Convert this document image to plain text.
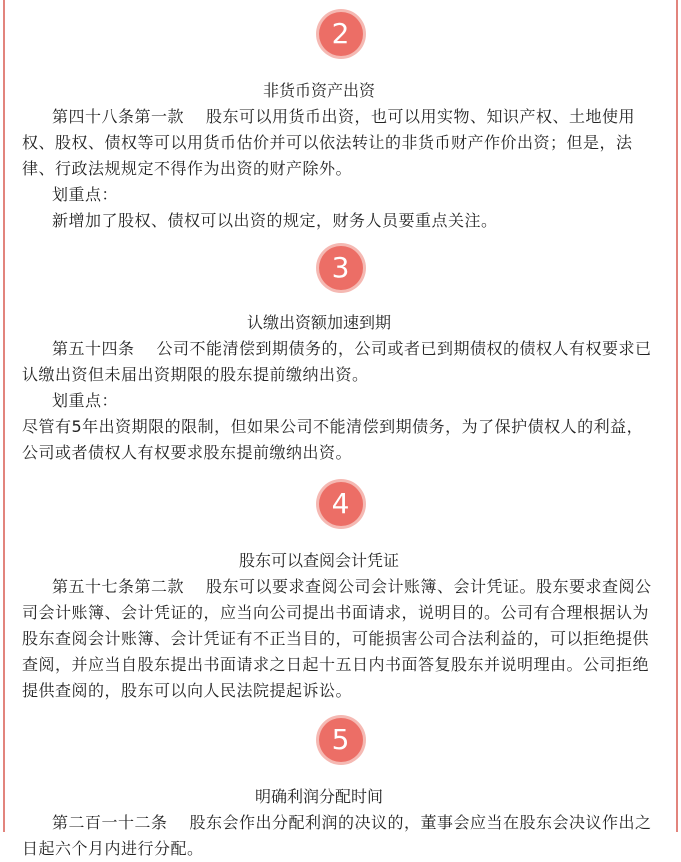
2
非货币资产出资

第四十八条第一款 股东可以用货币出资，也可以用实物、知识产权、土地使用权、股权、债权等可以用货币估价并可以依法转让的非货币财产作价出资；但是，法律、行政法规规定不得作为出资的财产除外。

划重点：

新增加了股权、债权可以出资的规定，财务人员要重点关注。

3
认缴出资额加速到期

第五十四条 公司不能清偿到期债务的，公司或者已到期债权的债权人有权要求已认缴出资但未届出资期限的股东提前缴纳出资。

划重点：

尽管有5年出资期限的限制，但如果公司不能清偿到期债务，为了保护债权人的利益，公司或者债权人有权要求股东提前缴纳出资。

4
股东可以查阅会计凭证

第五十七条第二款 股东可以要求查阅公司会计账簿、会计凭证。股东要求查阅公司会计账簿、会计凭证的，应当向公司提出书面请求，说明目的。公司有合理根据认为股东查阅会计账簿、会计凭证有不正当目的，可能损害公司合法利益的，可以拒绝提供查阅，并应当自股东提出书面请求之日起十五日内书面答复股东并说明理由。公司拒绝提供查阅的，股东可以向人民法院提起诉讼。

5
明确利润分配时间

第二百一十二条 股东会作出分配利润的决议的，董事会应当在股东会决议作出之日起六个月内进行分配。
